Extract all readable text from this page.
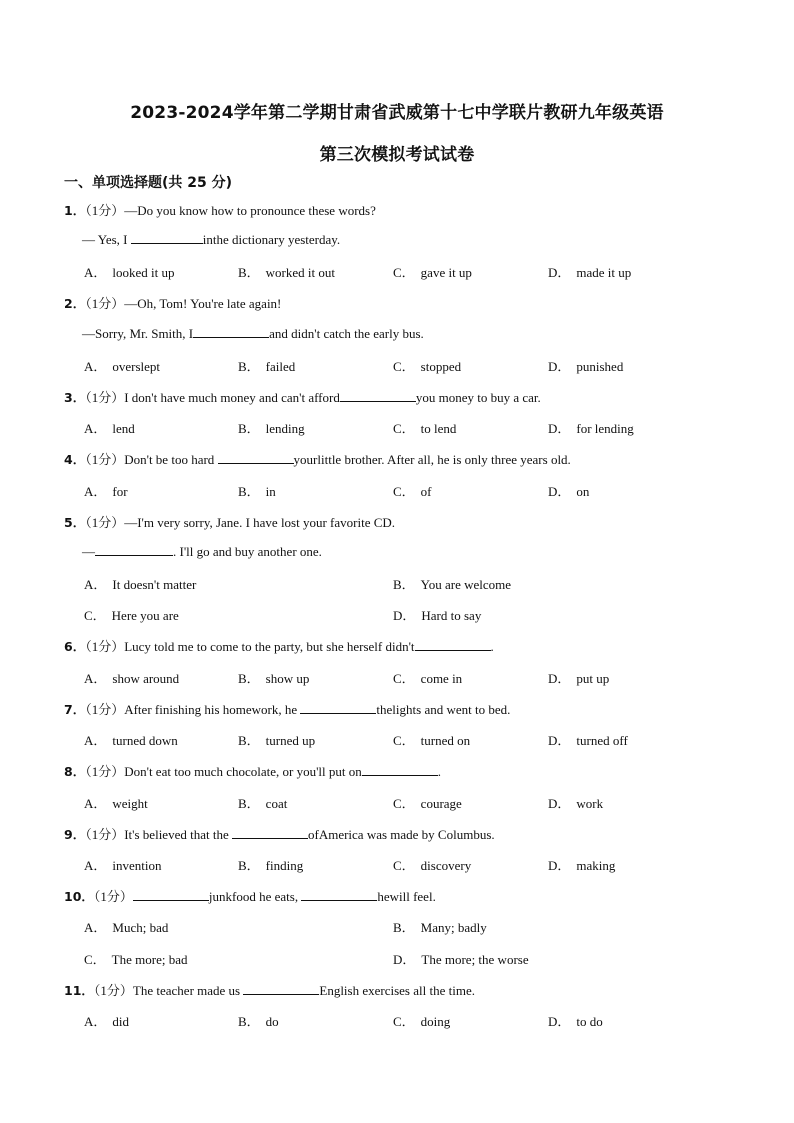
2023-2024学年第二学期甘肃省武威第十七中学联片教研九年级英语
第三次模拟考试试卷
一、单项选择题(共 25 分)
1．（1分）—Do you know how to pronounce these words?
— Yes, I	inthe dictionary yesterday.
A． looked it up	B． worked it out	C． gave it up	D． made it up
2．（1分）—Oh, Tom! You're late again!
—Sorry, Mr. Smith, I	and didn't catch the early bus.
A． overslept	B． failed	C． stopped	D． punished
3．（1分）I don't have much money and can't afford	you money to buy a car.
A． lend	B． lending	C． to lend	D． for lending
4．（1分）Don't be too hard	yourlittle brother. After all, he is only three years old.
A． for	B． in	C． of	D． on
5．（1分）—I'm very sorry, Jane. I have lost your favorite CD.
—	. I'll go and buy another one.
A． It doesn't matter	B． You are welcome
C． Here you are	D． Hard to say
6．（1分）Lucy told me to come to the party, but she herself didn't	.
A． show around	B． show up	C． come in	D． put up
7．（1分）After finishing his homework, he	thelights and went to bed.
A． turned down	B． turned up	C． turned on	D． turned off
8．（1分）Don't eat too much chocolate, or you'll put on	.
A． weight	B． coat	C． courage	D． work
9．（1分）It's believed that the	ofAmerica was made by Columbus.
A． invention	B． finding	C． discovery	D． making
10．（1分）	junkfood he eats,	hewill feel.
A． Much; bad	B． Many; badly
C． The more; bad	D． The more; the worse
11．（1分）The teacher made us	English exercises all the time.
A． did	B． do	C． doing	D． to do
